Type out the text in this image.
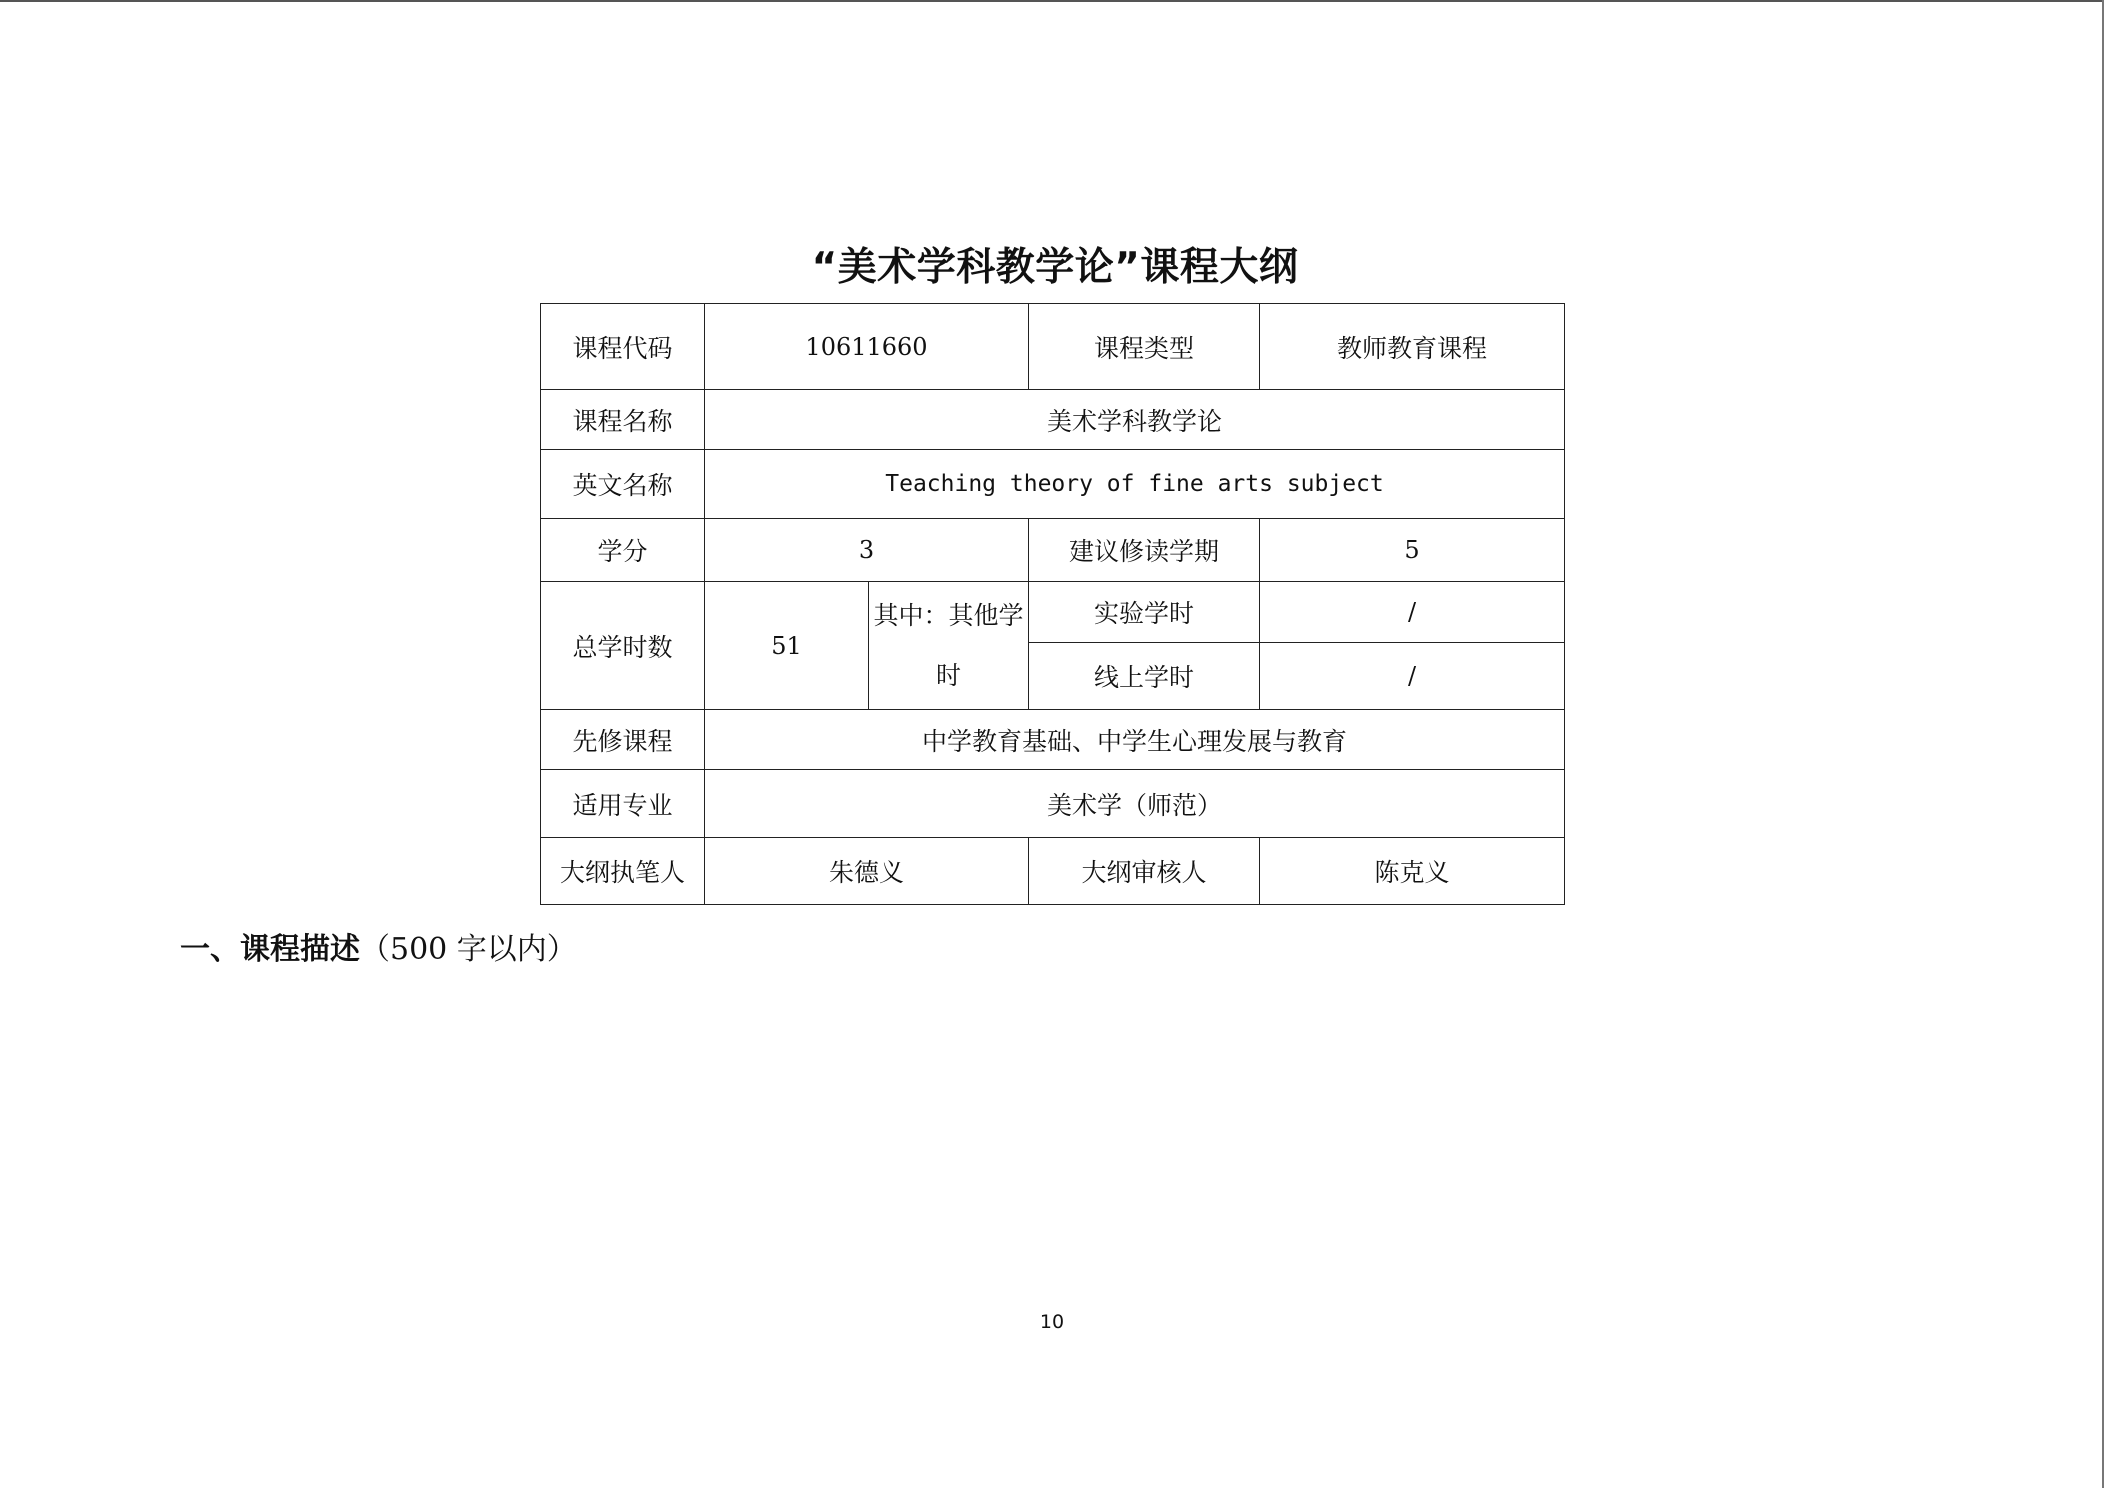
“美术学科教学论”课程大纲
课程代码	10611660		课程类型	教师教育课程
课程名称	美术学科教学论			
英文名称	Teaching theory of fine arts subject			
学分	3		建议修读学期	5
总学时数	51	其中：其他学时	实验学时	/
			线上学时	/
先修课程	中学教育基础、中学生心理发展与教育			
适用专业	美术学（师范）			
大纲执笔人	朱德义		大纲审核人	陈克义
一、课程描述（500 字以内）
10
